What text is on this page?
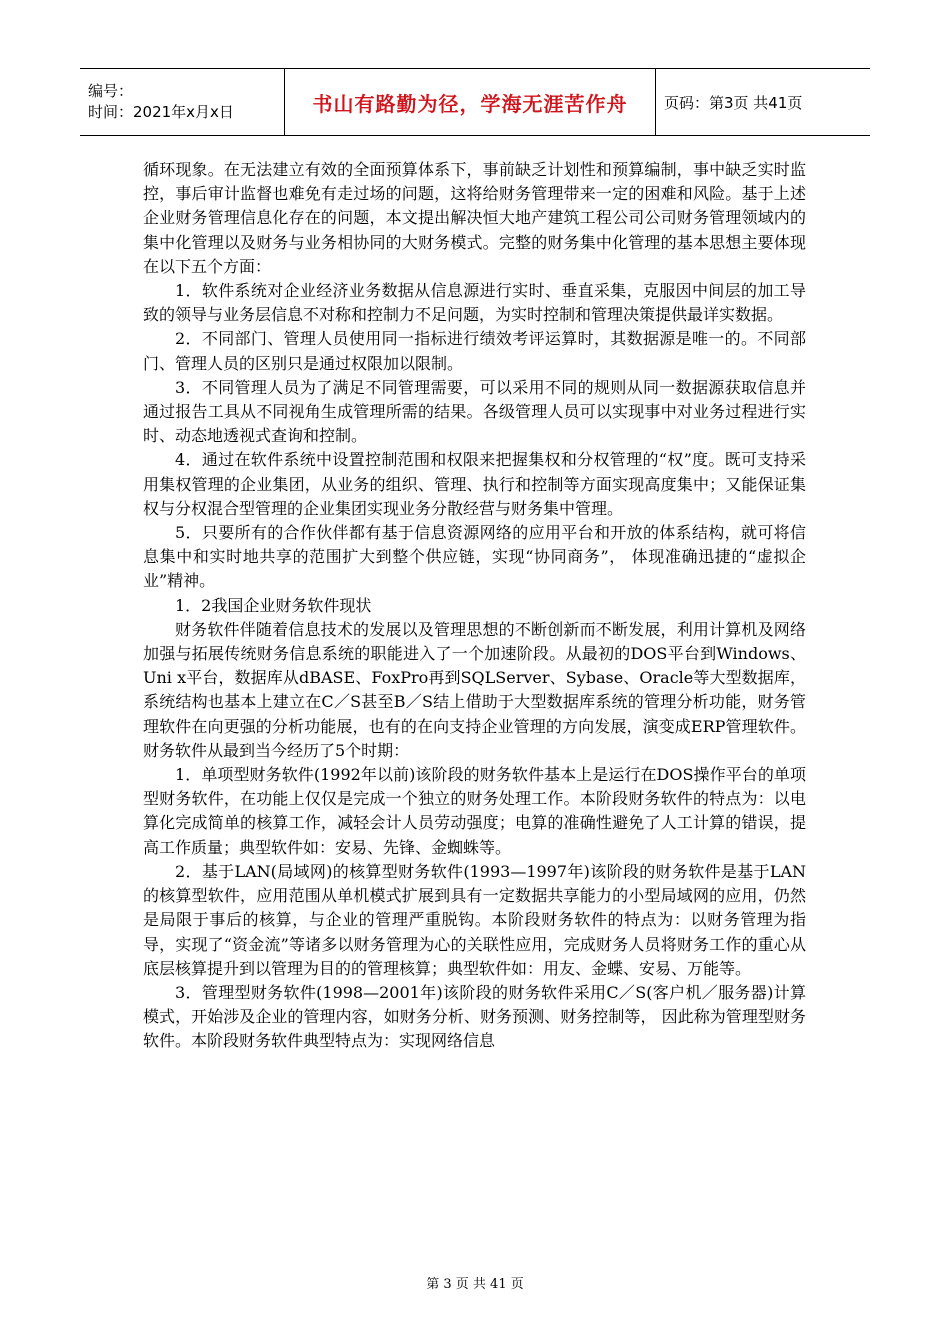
编号：
时间：2021年x月x日	书山有路勤为径，学海无涯苦作舟 页码：第3页 共41页

循环现象。在无法建立有效的全面预算体系下，事前缺乏计划性和预算编制，事中缺乏实时监控，事后审计监督也难免有走过场的问题，这将给财务管理带来一定的困难和风险。基于上述企业财务管理信息化存在的问题，本文提出解决恒大地产建筑工程公司公司财务管理领域内的集中化管理以及财务与业务相协同的大财务模式。完整的财务集中化管理的基本思想主要体现在以下五个方面：

1．软件系统对企业经济业务数据从信息源进行实时、垂直采集，克服因中间层的加工导致的领导与业务层信息不对称和控制力不足问题，为实时控制和管理决策提供最详实数据。

2．不同部门、管理人员使用同一指标进行绩效考评运算时，其数据源是唯一的。不同部门、管理人员的区别只是通过权限加以限制。

3．不同管理人员为了满足不同管理需要，可以采用不同的规则从同一数据源获取信息并通过报告工具从不同视角生成管理所需的结果。各级管理人员可以实现事中对业务过程进行实时、动态地透视式查询和控制。

4．通过在软件系统中设置控制范围和权限来把握集权和分权管理的“权”度。既可支持采用集权管理的企业集团，从业务的组织、管理、执行和控制等方面实现高度集中；又能保证集权与分权混合型管理的企业集团实现业务分散经营与财务集中管理。

5．只要所有的合作伙伴都有基于信息资源网络的应用平台和开放的体系结构，就可将信息集中和实时地共享的范围扩大到整个供应链，实现“协同商务”， 体现准确迅捷的“虚拟企业”精神。

1．2我国企业财务软件现状

财务软件伴随着信息技术的发展以及管理思想的不断创新而不断发展，利用计算机及网络加强与拓展传统财务信息系统的职能进入了一个加速阶段。从最初的DOS平台到Windows、Uni x平台，数据库从dBASE、FoxPro再到SQLServer、Sybase、Oracle等大型数据库，系统结构也基本上建立在C／S甚至B／S结上借助于大型数据库系统的管理分析功能，财务管理软件在向更强的分析功能展，也有的在向支持企业管理的方向发展，演变成ERP管理软件。财务软件从最到当今经历了5个时期：

1．单项型财务软件(1992年以前)该阶段的财务软件基本上是运行在DOS操作平台的单项型财务软件，在功能上仅仅是完成一个独立的财务处理工作。本阶段财务软件的特点为：以电算化完成简单的核算工作，减轻会计人员劳动强度；电算的准确性避免了人工计算的错误，提高工作质量；典型软件如：安易、先锋、金蜘蛛等。

2．基于LAN(局域网)的核算型财务软件(1993—1997年)该阶段的财务软件是基于LAN的核算型软件，应用范围从单机模式扩展到具有一定数据共享能力的小型局域网的应用，仍然是局限于事后的核算，与企业的管理严重脱钩。本阶段财务软件的特点为：以财务管理为指导，实现了“资金流”等诸多以财务管理为心的关联性应用，完成财务人员将财务工作的重心从底层核算提升到以管理为目的的管理核算；典型软件如：用友、金蝶、安易、万能等。

3．管理型财务软件(1998—2001年)该阶段的财务软件采用C／S(客户机／服务器)计算模式，开始涉及企业的管理内容，如财务分析、财务预测、财务控制等， 因此称为管理型财务软件。本阶段财务软件典型特点为：实现网络信息

第 3 页 共 41 页
